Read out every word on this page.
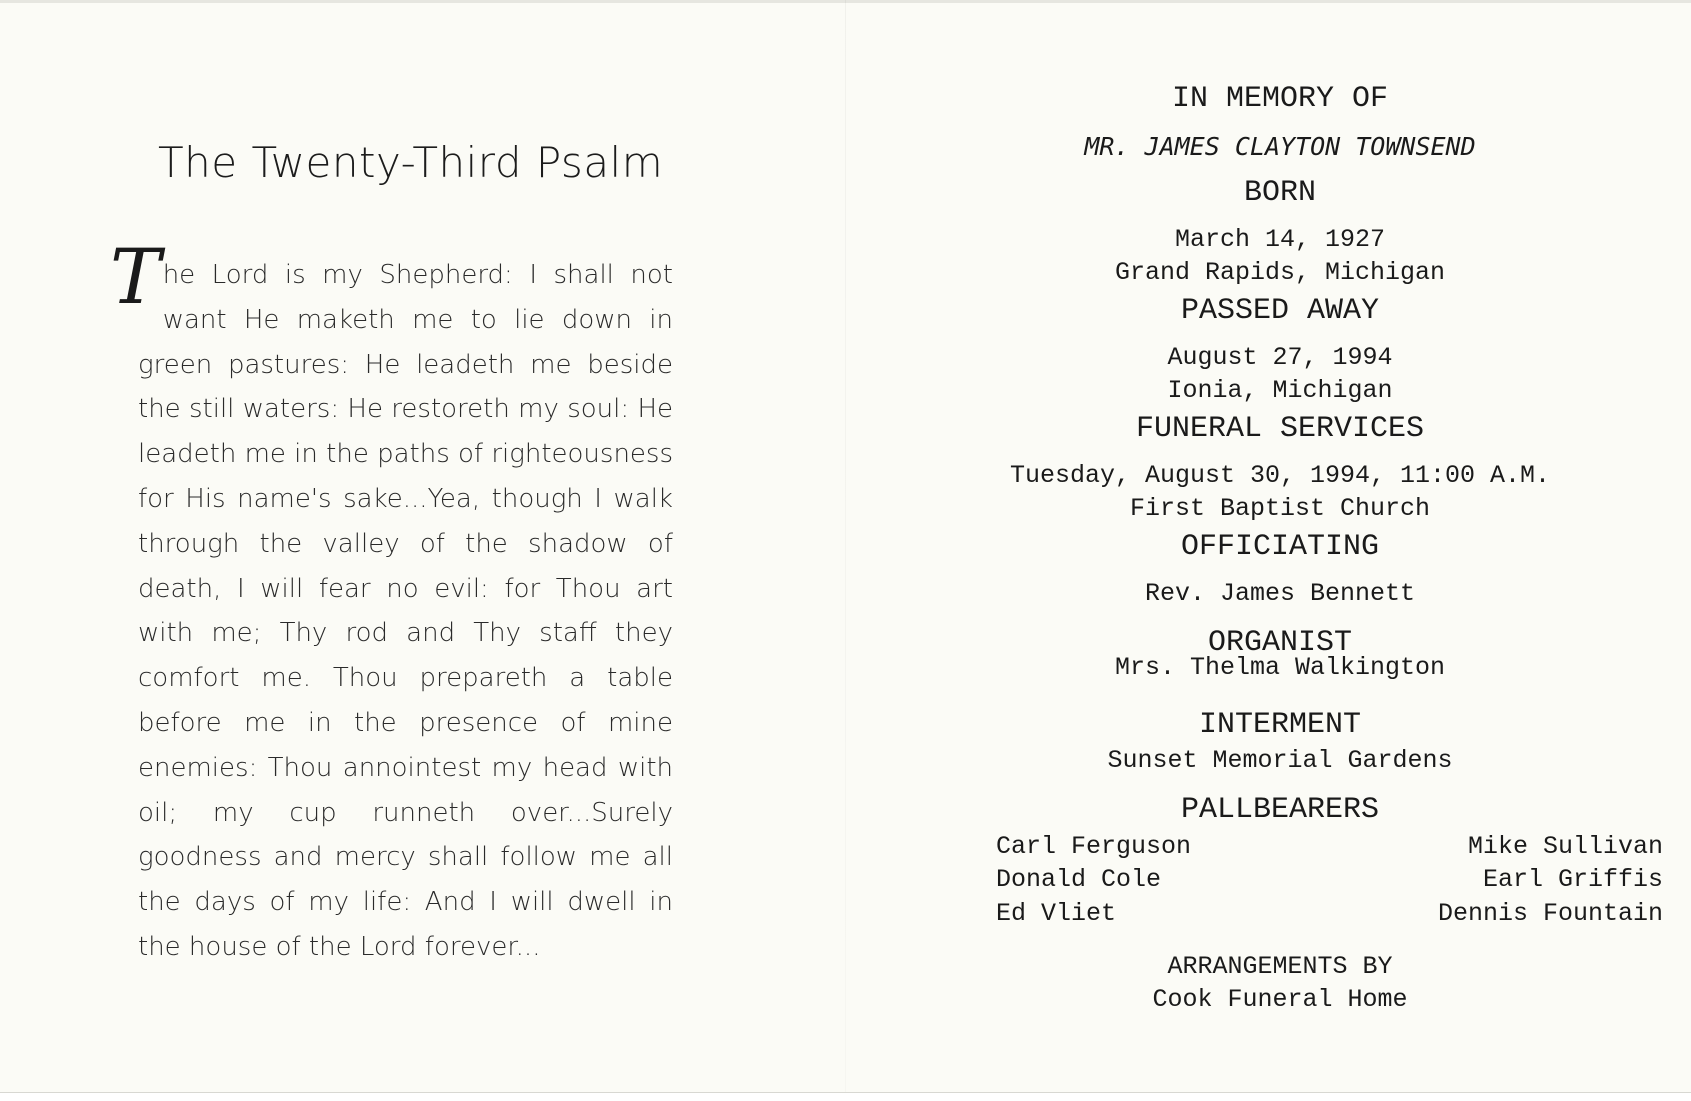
The Twenty-Third Psalm
The Lord is my Shepherd: I shall not want He maketh me to lie down in green pastures: He leadeth me beside the still waters: He restoreth my soul: He leadeth me in the paths of righteousness for His name's sake...Yea, though I walk through the valley of the shadow of death, I will fear no evil: for Thou art with me; Thy rod and Thy staff they comfort me. Thou prepareth a table before me in the presence of mine enemies: Thou annointest my head with oil; my cup runneth over...Surely goodness and mercy shall follow me all the days of my life: And I will dwell in the house of the Lord forever...
IN MEMORY OF
MR. JAMES CLAYTON TOWNSEND
BORN
March 14, 1927
Grand Rapids, Michigan
PASSED AWAY
August 27, 1994
Ionia, Michigan
FUNERAL SERVICES
Tuesday, August 30, 1994, 11:00 A.M.
First Baptist Church
OFFICIATING
Rev. James Bennett
ORGANIST
Mrs. Thelma Walkington
INTERMENT
Sunset Memorial Gardens
PALLBEARERS
Carl Ferguson
Donald Cole
Ed Vliet
Mike Sullivan
Earl Griffis
Dennis Fountain
ARRANGEMENTS BY
Cook Funeral Home
